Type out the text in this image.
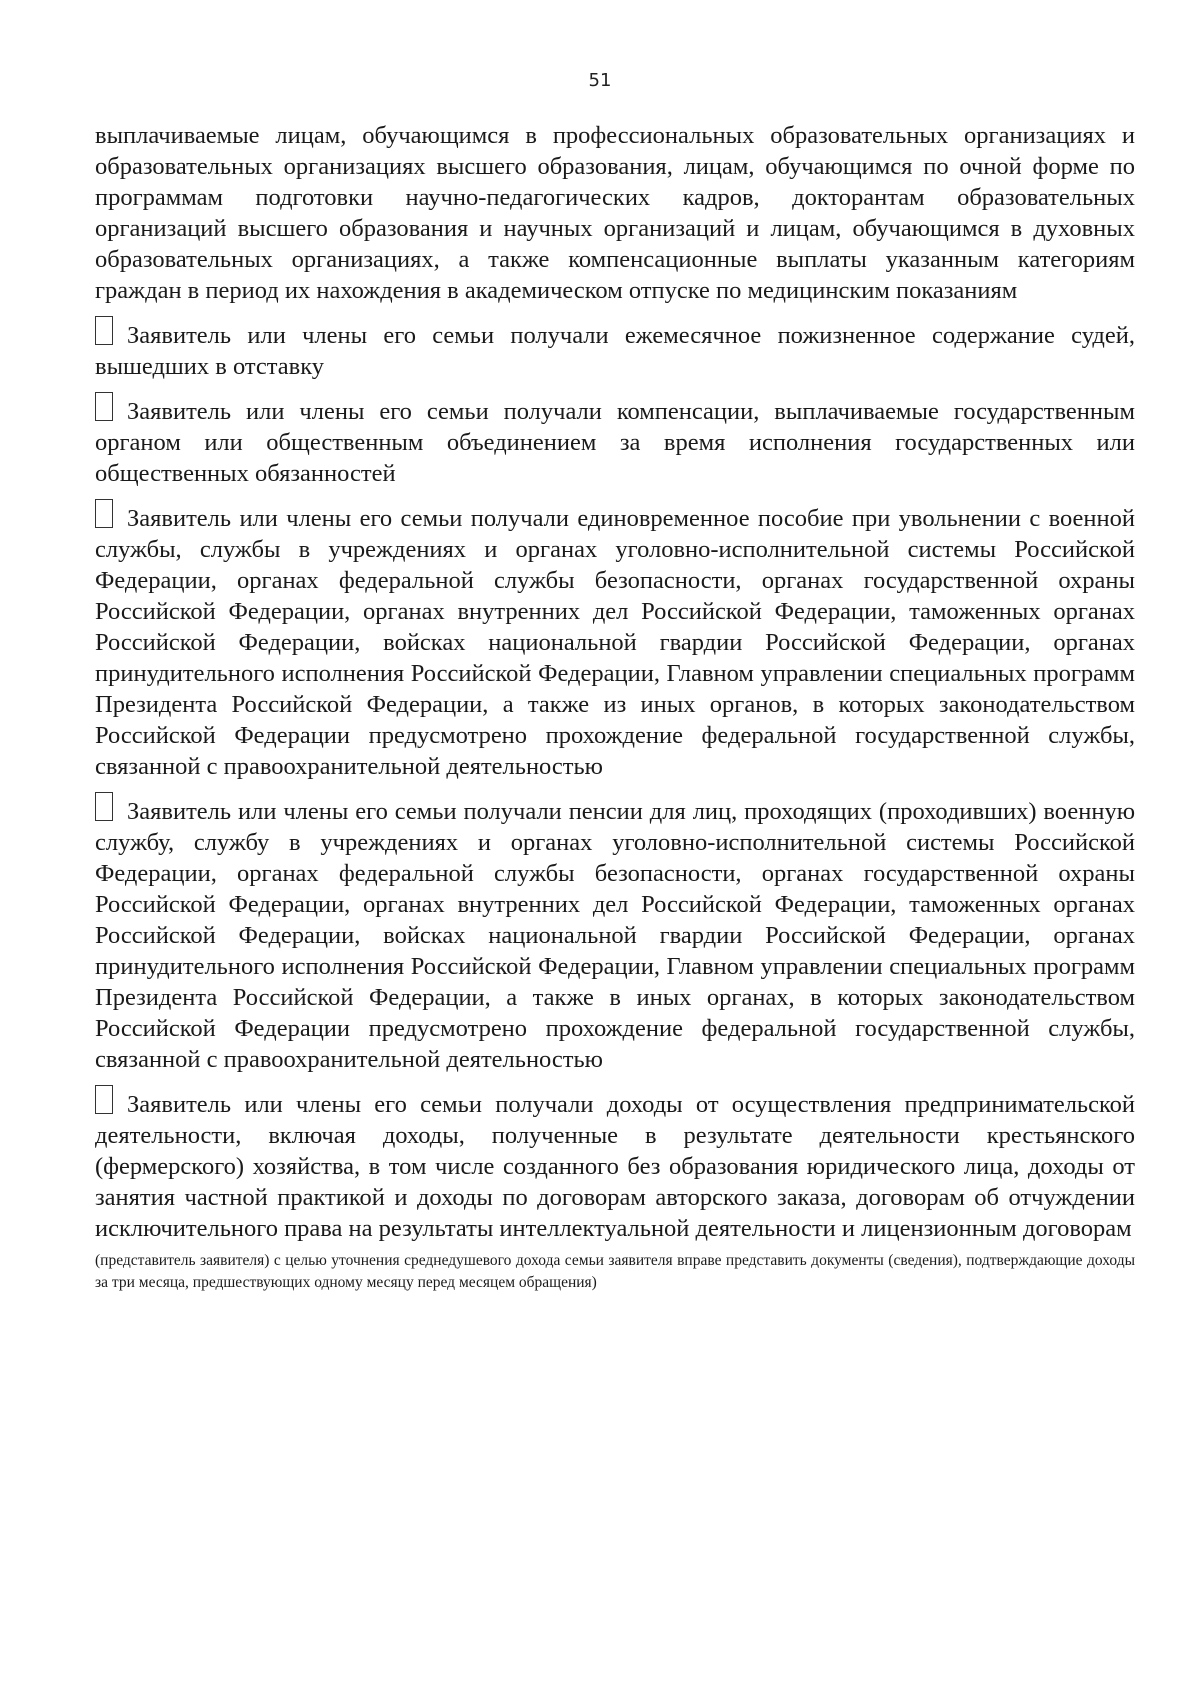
51

выплачиваемые лицам, обучающимся в профессиональных образовательных организациях и образовательных организациях высшего образования, лицам, обучающимся по очной форме по программам подготовки научно-педагогических кадров, докторантам образовательных организаций высшего образования и научных организаций и лицам, обучающимся в духовных образовательных организациях, а также компенсационные выплаты указанным категориям граждан в период их нахождения в академическом отпуске по медицинским показаниям

Заявитель или члены его семьи получали ежемесячное пожизненное содержание судей, вышедших в отставку
Заявитель или члены его семьи получали компенсации, выплачиваемые государственным органом или общественным объединением за время исполнения государственных или общественных обязанностей
Заявитель или члены его семьи получали единовременное пособие при увольнении с военной службы, службы в учреждениях и органах уголовно-исполнительной системы Российской Федерации, органах федеральной службы безопасности, органах государственной охраны Российской Федерации, органах внутренних дел Российской Федерации, таможенных органах Российской Федерации, войсках национальной гвардии Российской Федерации, органах принудительного исполнения Российской Федерации, Главном управлении специальных программ Президента Российской Федерации, а также из иных органов, в которых законодательством Российской Федерации предусмотрено прохождение федеральной государственной службы, связанной с правоохранительной деятельностью
Заявитель или члены его семьи получали пенсии для лиц, проходящих (проходивших) военную службу, службу в учреждениях и органах уголовно-исполнительной системы Российской Федерации, органах федеральной службы безопасности, органах государственной охраны Российской Федерации, органах внутренних дел Российской Федерации, таможенных органах Российской Федерации, войсках национальной гвардии Российской Федерации, органах принудительного исполнения Российской Федерации, Главном управлении специальных программ Президента Российской Федерации, а также в иных органах, в которых законодательством Российской Федерации предусмотрено прохождение федеральной государственной службы, связанной с правоохранительной деятельностью
Заявитель или члены его семьи получали доходы от осуществления предпринимательской деятельности, включая доходы, полученные в результате деятельности крестьянского (фермерского) хозяйства, в том числе созданного без образования юридического лица, доходы от занятия частной практикой и доходы по договорам авторского заказа, договорам об отчуждении исключительного права на результаты интеллектуальной деятельности и лицензионным договорам

(представитель заявителя) с целью уточнения среднедушевого дохода семьи заявителя вправе представить документы (сведения), подтверждающие доходы за три месяца, предшествующих одному месяцу перед месяцем обращения)
